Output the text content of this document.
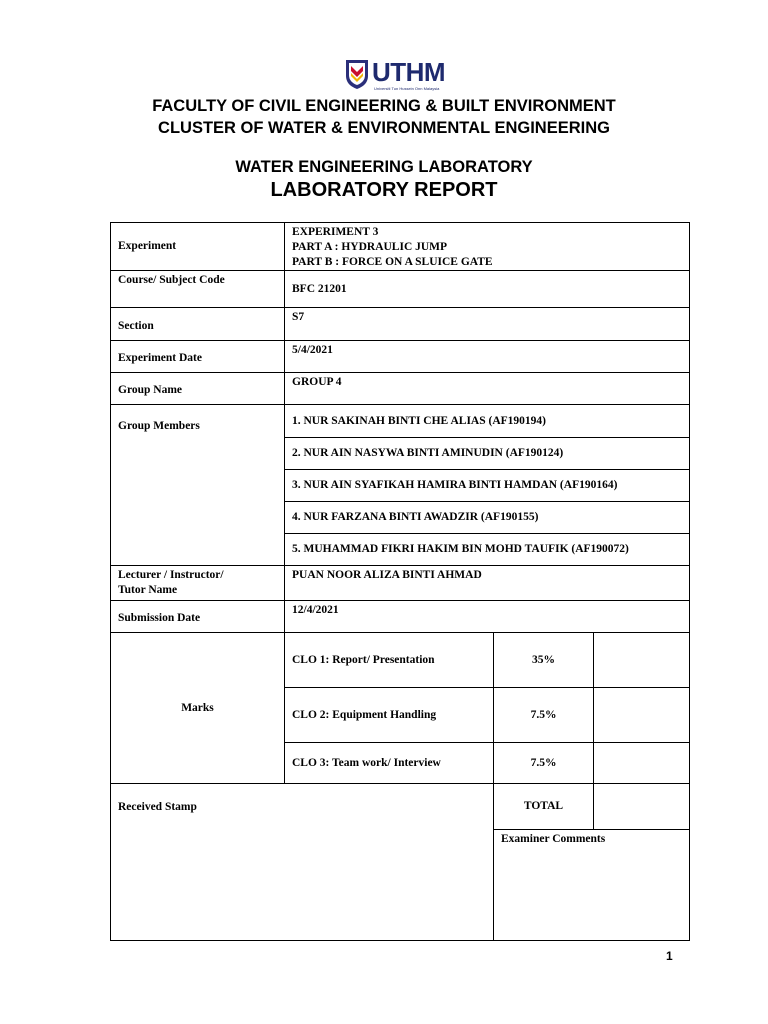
UTHM
Universiti Tun Hussein Onn Malaysia
FACULTY OF CIVIL ENGINEERING & BUILT ENVIRONMENT
CLUSTER OF WATER & ENVIRONMENTAL ENGINEERING
WATER ENGINEERING LABORATORY
LABORATORY REPORT
Experiment	EXPERIMENT 3
PART A : HYDRAULIC JUMP
PART B : FORCE ON A SLUICE GATE		

Course/ Subject Code	BFC 21201		
Section	S7		
Experiment Date	5/4/2021		
Group Name	GROUP 4		
Group Members	1. NUR SAKINAH BINTI CHE ALIAS (AF190194)		
	2. NUR AIN NASYWA BINTI AMINUDIN (AF190124)		
	3. NUR AIN SYAFIKAH HAMIRA BINTI HAMDAN (AF190164)		
	4. NUR FARZANA BINTI AWADZIR (AF190155)		
	5. MUHAMMAD FIKRI HAKIM BIN MOHD TAUFIK (AF190072)		

Lecturer / Instructor/
Tutor Name	PUAN NOOR ALIZA BINTI AHMAD		
Submission Date	12/4/2021		
Marks	CLO 1: Report/ Presentation	35%	
	CLO 2: Equipment Handling	7.5%	
	CLO 3: Team work/ Interview	7.5%	
Received Stamp		TOTAL	
		Examiner Comments	
1
